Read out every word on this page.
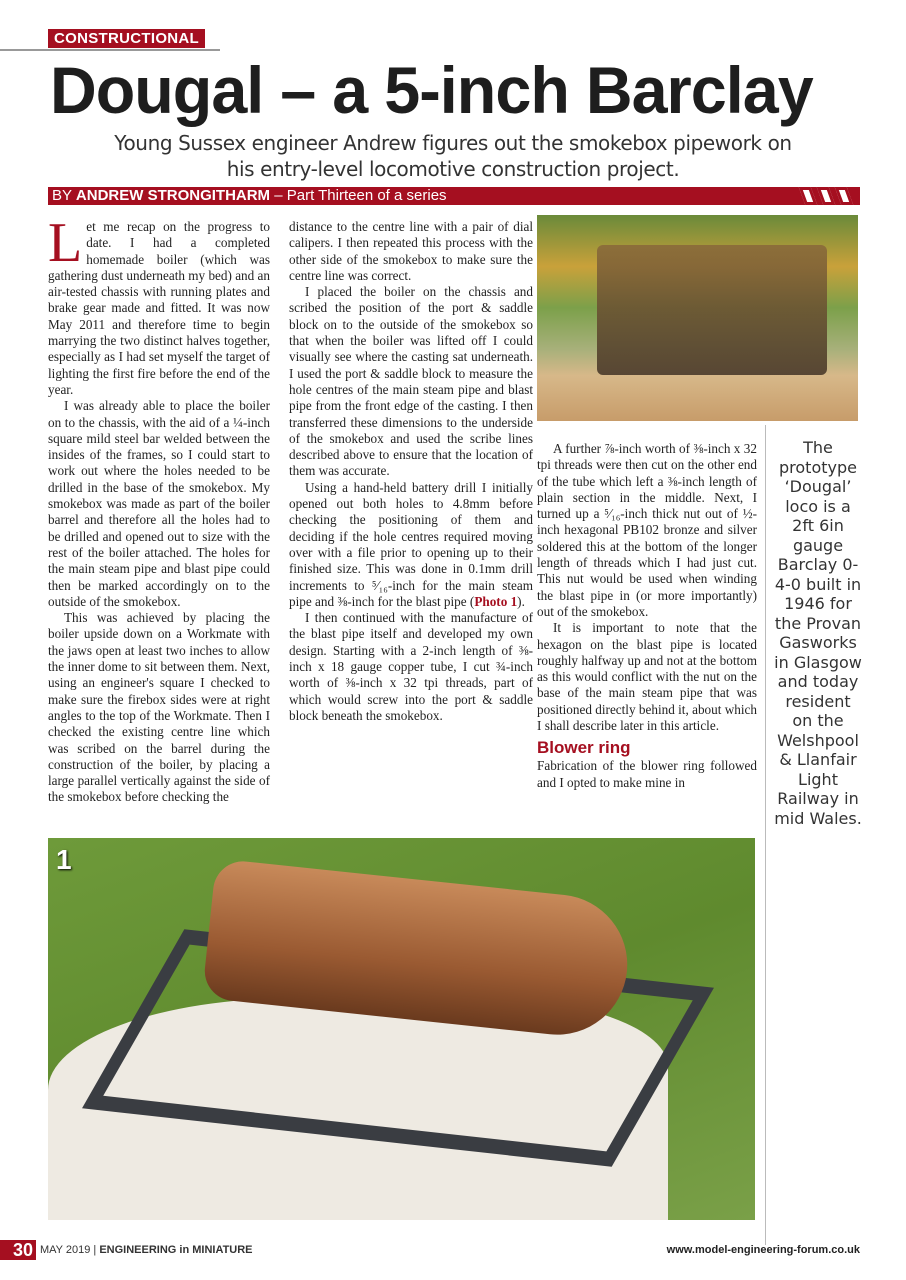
CONSTRUCTIONAL
Dougal – a 5-inch Barclay
Young Sussex engineer Andrew figures out the smokebox pipework on his entry-level locomotive construction project.
BY ANDREW STRONGITHARM – Part Thirteen of a series

Let me recap on the progress to date. I had a completed homemade boiler (which was gathering dust underneath my bed) and an air-tested chassis with running plates and brake gear made and fitted. It was now May 2011 and therefore time to begin marrying the two distinct halves together, especially as I had set myself the target of lighting the first fire before the end of the year.

I was already able to place the boiler on to the chassis, with the aid of a ¼-inch square mild steel bar welded between the insides of the frames, so I could start to work out where the holes needed to be drilled in the base of the smokebox. My smokebox was made as part of the boiler barrel and therefore all the holes had to be drilled and opened out to size with the rest of the boiler attached. The holes for the main steam pipe and blast pipe could then be marked accordingly on to the outside of the smokebox.

This was achieved by placing the boiler upside down on a Workmate with the jaws open at least two inches to allow the inner dome to sit between them. Next, using an engineer's square I checked to make sure the firebox sides were at right angles to the top of the Workmate. Then I checked the existing centre line which was scribed on the barrel during the construction of the boiler, by placing a large parallel vertically against the side of the smokebox before checking the

distance to the centre line with a pair of dial calipers. I then repeated this process with the other side of the smokebox to make sure the centre line was correct.

I placed the boiler on the chassis and scribed the position of the port & saddle block on to the outside of the smokebox so that when the boiler was lifted off I could visually see where the casting sat underneath. I used the port & saddle block to measure the hole centres of the main steam pipe and blast pipe from the front edge of the casting. I then transferred these dimensions to the underside of the smokebox and used the scribe lines described above to ensure that the location of them was accurate.

Using a hand-held battery drill I initially opened out both holes to 4.8mm before checking the positioning of them and deciding if the hole centres required moving over with a file prior to opening up to their finished size. This was done in 0.1mm drill increments to ⁵⁄₁₆-inch for the main steam pipe and ⅜-inch for the blast pipe (Photo 1).

I then continued with the manufacture of the blast pipe itself and developed my own design. Starting with a 2-inch length of ⅜-inch x 18 gauge copper tube, I cut ¾-inch worth of ⅜-inch x 32 tpi threads, part of which would screw into the port & saddle block beneath the smokebox.

A further ⅞-inch worth of ⅜-inch x 32 tpi threads were then cut on the other end of the tube which left a ⅜-inch length of plain section in the middle. Next, I turned up a ⁵⁄₁₆-inch thick nut out of ½-inch hexagonal PB102 bronze and silver soldered this at the bottom of the longer length of threads which I had just cut. This nut would be used when winding the blast pipe in (or more importantly) out of the smokebox.

It is important to note that the hexagon on the blast pipe is located roughly halfway up and not at the bottom as this would conflict with the nut on the base of the main steam pipe that was positioned directly behind it, about which I shall describe later in this article.

Blower ring

Fabrication of the blower ring followed and I opted to make mine in

The prototype ‘Dougal’ loco is a 2ft 6in gauge Barclay 0-4-0 built in 1946 for the Provan Gasworks in Glasgow and today resident on the Welshpool & Llanfair Light Railway in mid Wales.
1
30 MAY 2019 | ENGINEERING in MINIATURE	www.model-engineering-forum.co.uk
